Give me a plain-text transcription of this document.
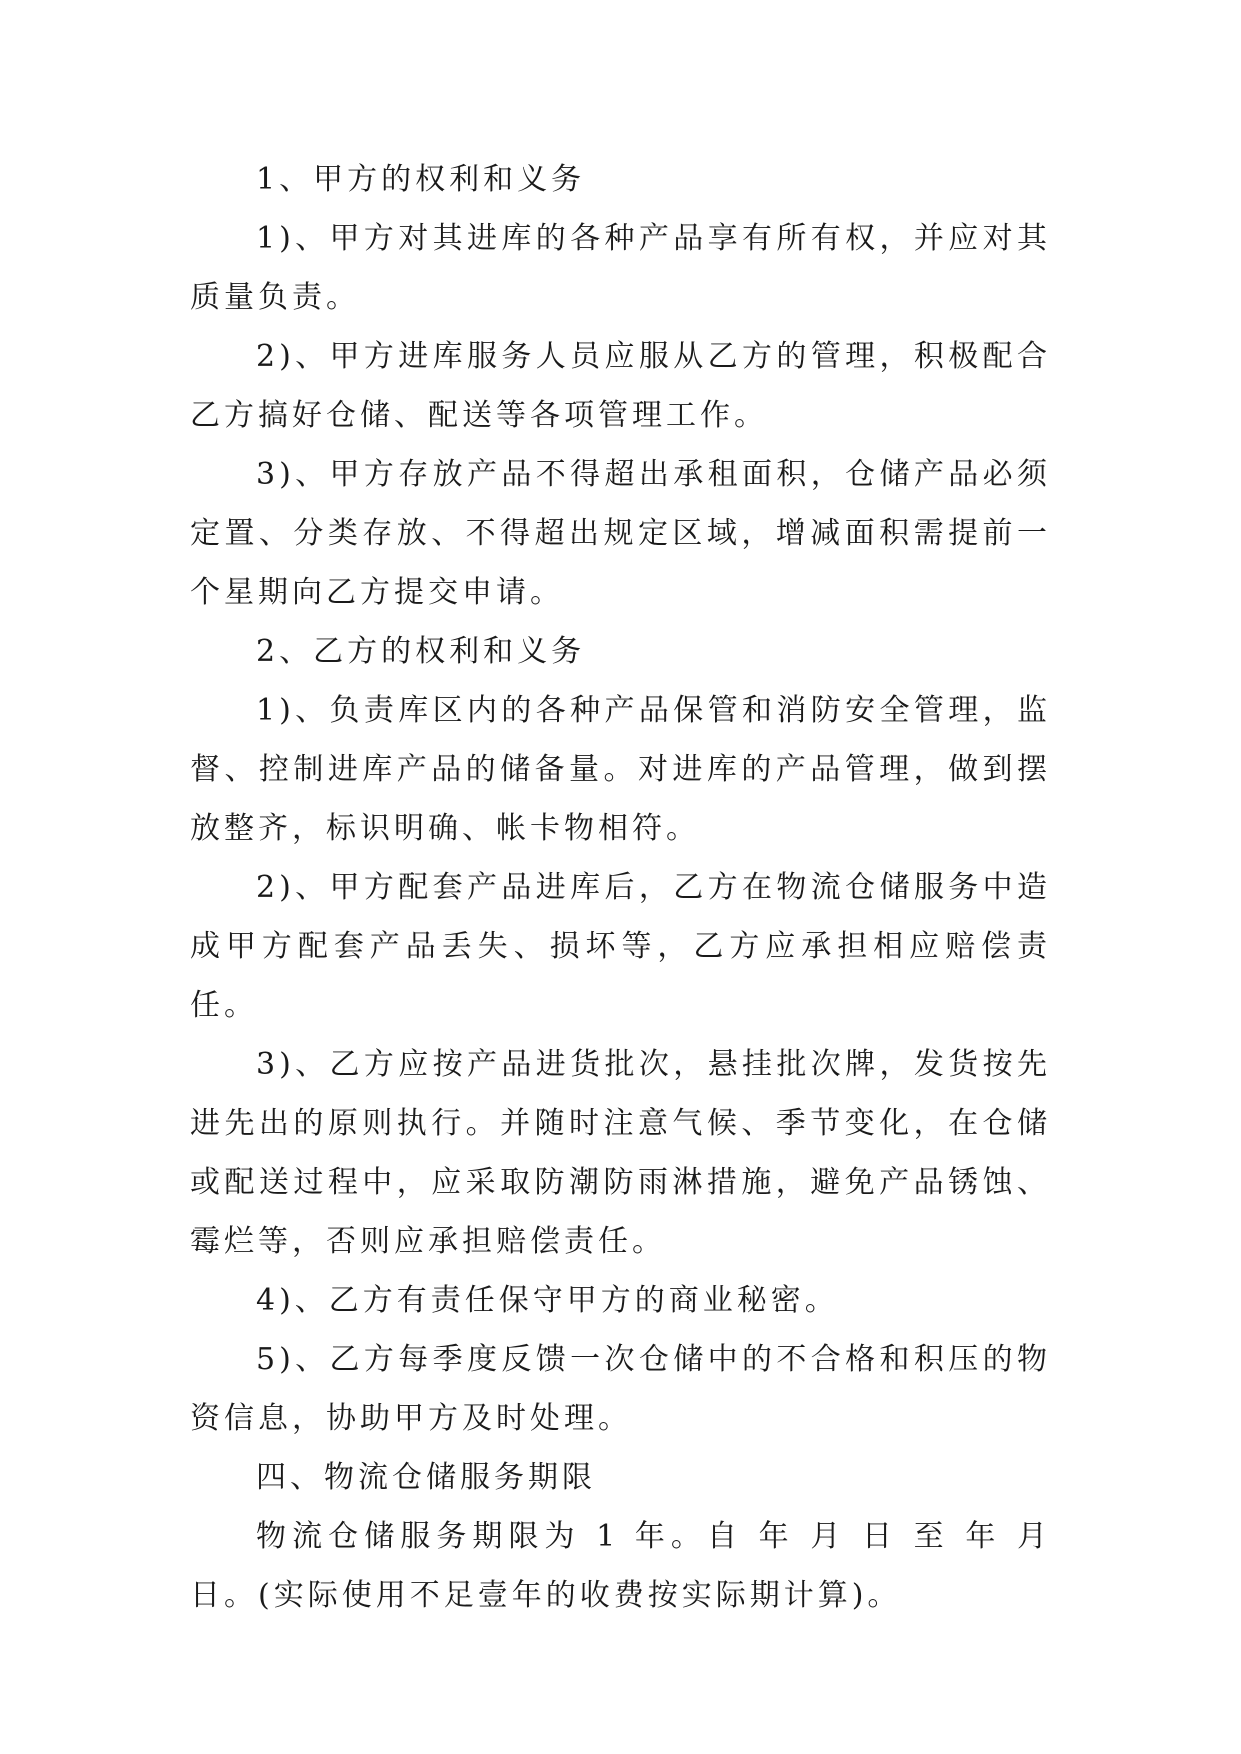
1、甲方的权利和义务

1)、甲方对其进库的各种产品享有所有权，并应对其质量负责。

2)、甲方进库服务人员应服从乙方的管理，积极配合乙方搞好仓储、配送等各项管理工作。

3)、甲方存放产品不得超出承租面积，仓储产品必须定置、分类存放、不得超出规定区域，增减面积需提前一个星期向乙方提交申请。

2、乙方的权利和义务

1)、负责库区内的各种产品保管和消防安全管理，监督、控制进库产品的储备量。对进库的产品管理，做到摆放整齐，标识明确、帐卡物相符。

2)、甲方配套产品进库后，乙方在物流仓储服务中造成甲方配套产品丢失、损坏等，乙方应承担相应赔偿责任。

3)、乙方应按产品进货批次，悬挂批次牌，发货按先进先出的原则执行。并随时注意气候、季节变化，在仓储或配送过程中，应采取防潮防雨淋措施，避免产品锈蚀、霉烂等，否则应承担赔偿责任。

4)、乙方有责任保守甲方的商业秘密。

5)、乙方每季度反馈一次仓储中的不合格和积压的物资信息，协助甲方及时处理。

四、物流仓储服务期限

物流仓储服务期限为 1 年。自 年 月 日 至 年 月 日。(实际使用不足壹年的收费按实际期计算)。
